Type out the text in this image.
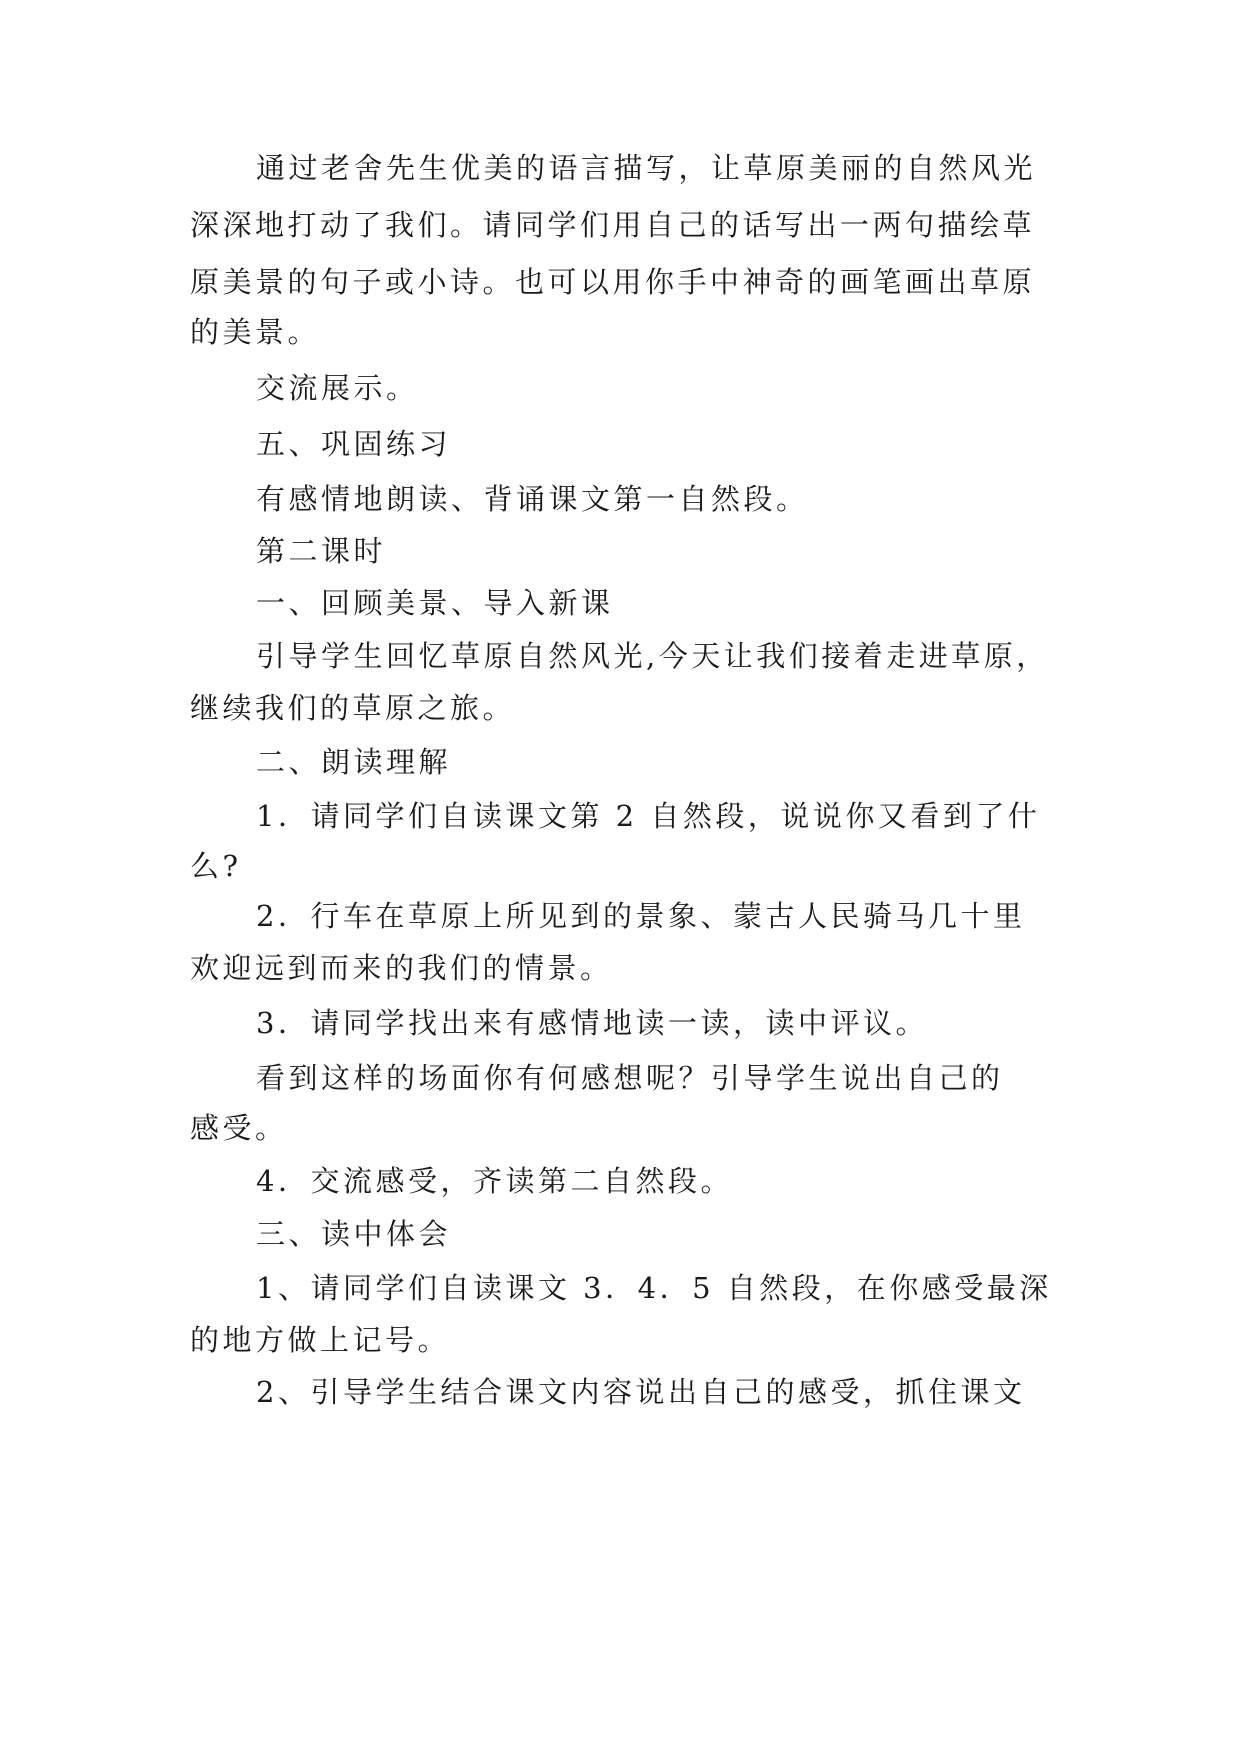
通过老舍先生优美的语言描写，让草原美丽的自然风光
深深地打动了我们。请同学们用自己的话写出一两句描绘草
原美景的句子或小诗。也可以用你手中神奇的画笔画出草原
的美景。
交流展示。
五、巩固练习
有感情地朗读、背诵课文第一自然段。
第二课时
一、回顾美景、导入新课
引导学生回忆草原自然风光,今天让我们接着走进草原，
继续我们的草原之旅。
二、朗读理解
1．请同学们自读课文第 2 自然段，说说你又看到了什
么?
2．行车在草原上所见到的景象、蒙古人民骑马几十里
欢迎远到而来的我们的情景。
3．请同学找出来有感情地读一读，读中评议。
看到这样的场面你有何感想呢？引导学生说出自己的
感受。
4．交流感受，齐读第二自然段。
三、读中体会
1、请同学们自读课文 3．4．5 自然段，在你感受最深
的地方做上记号。
2、引导学生结合课文内容说出自己的感受，抓住课文
